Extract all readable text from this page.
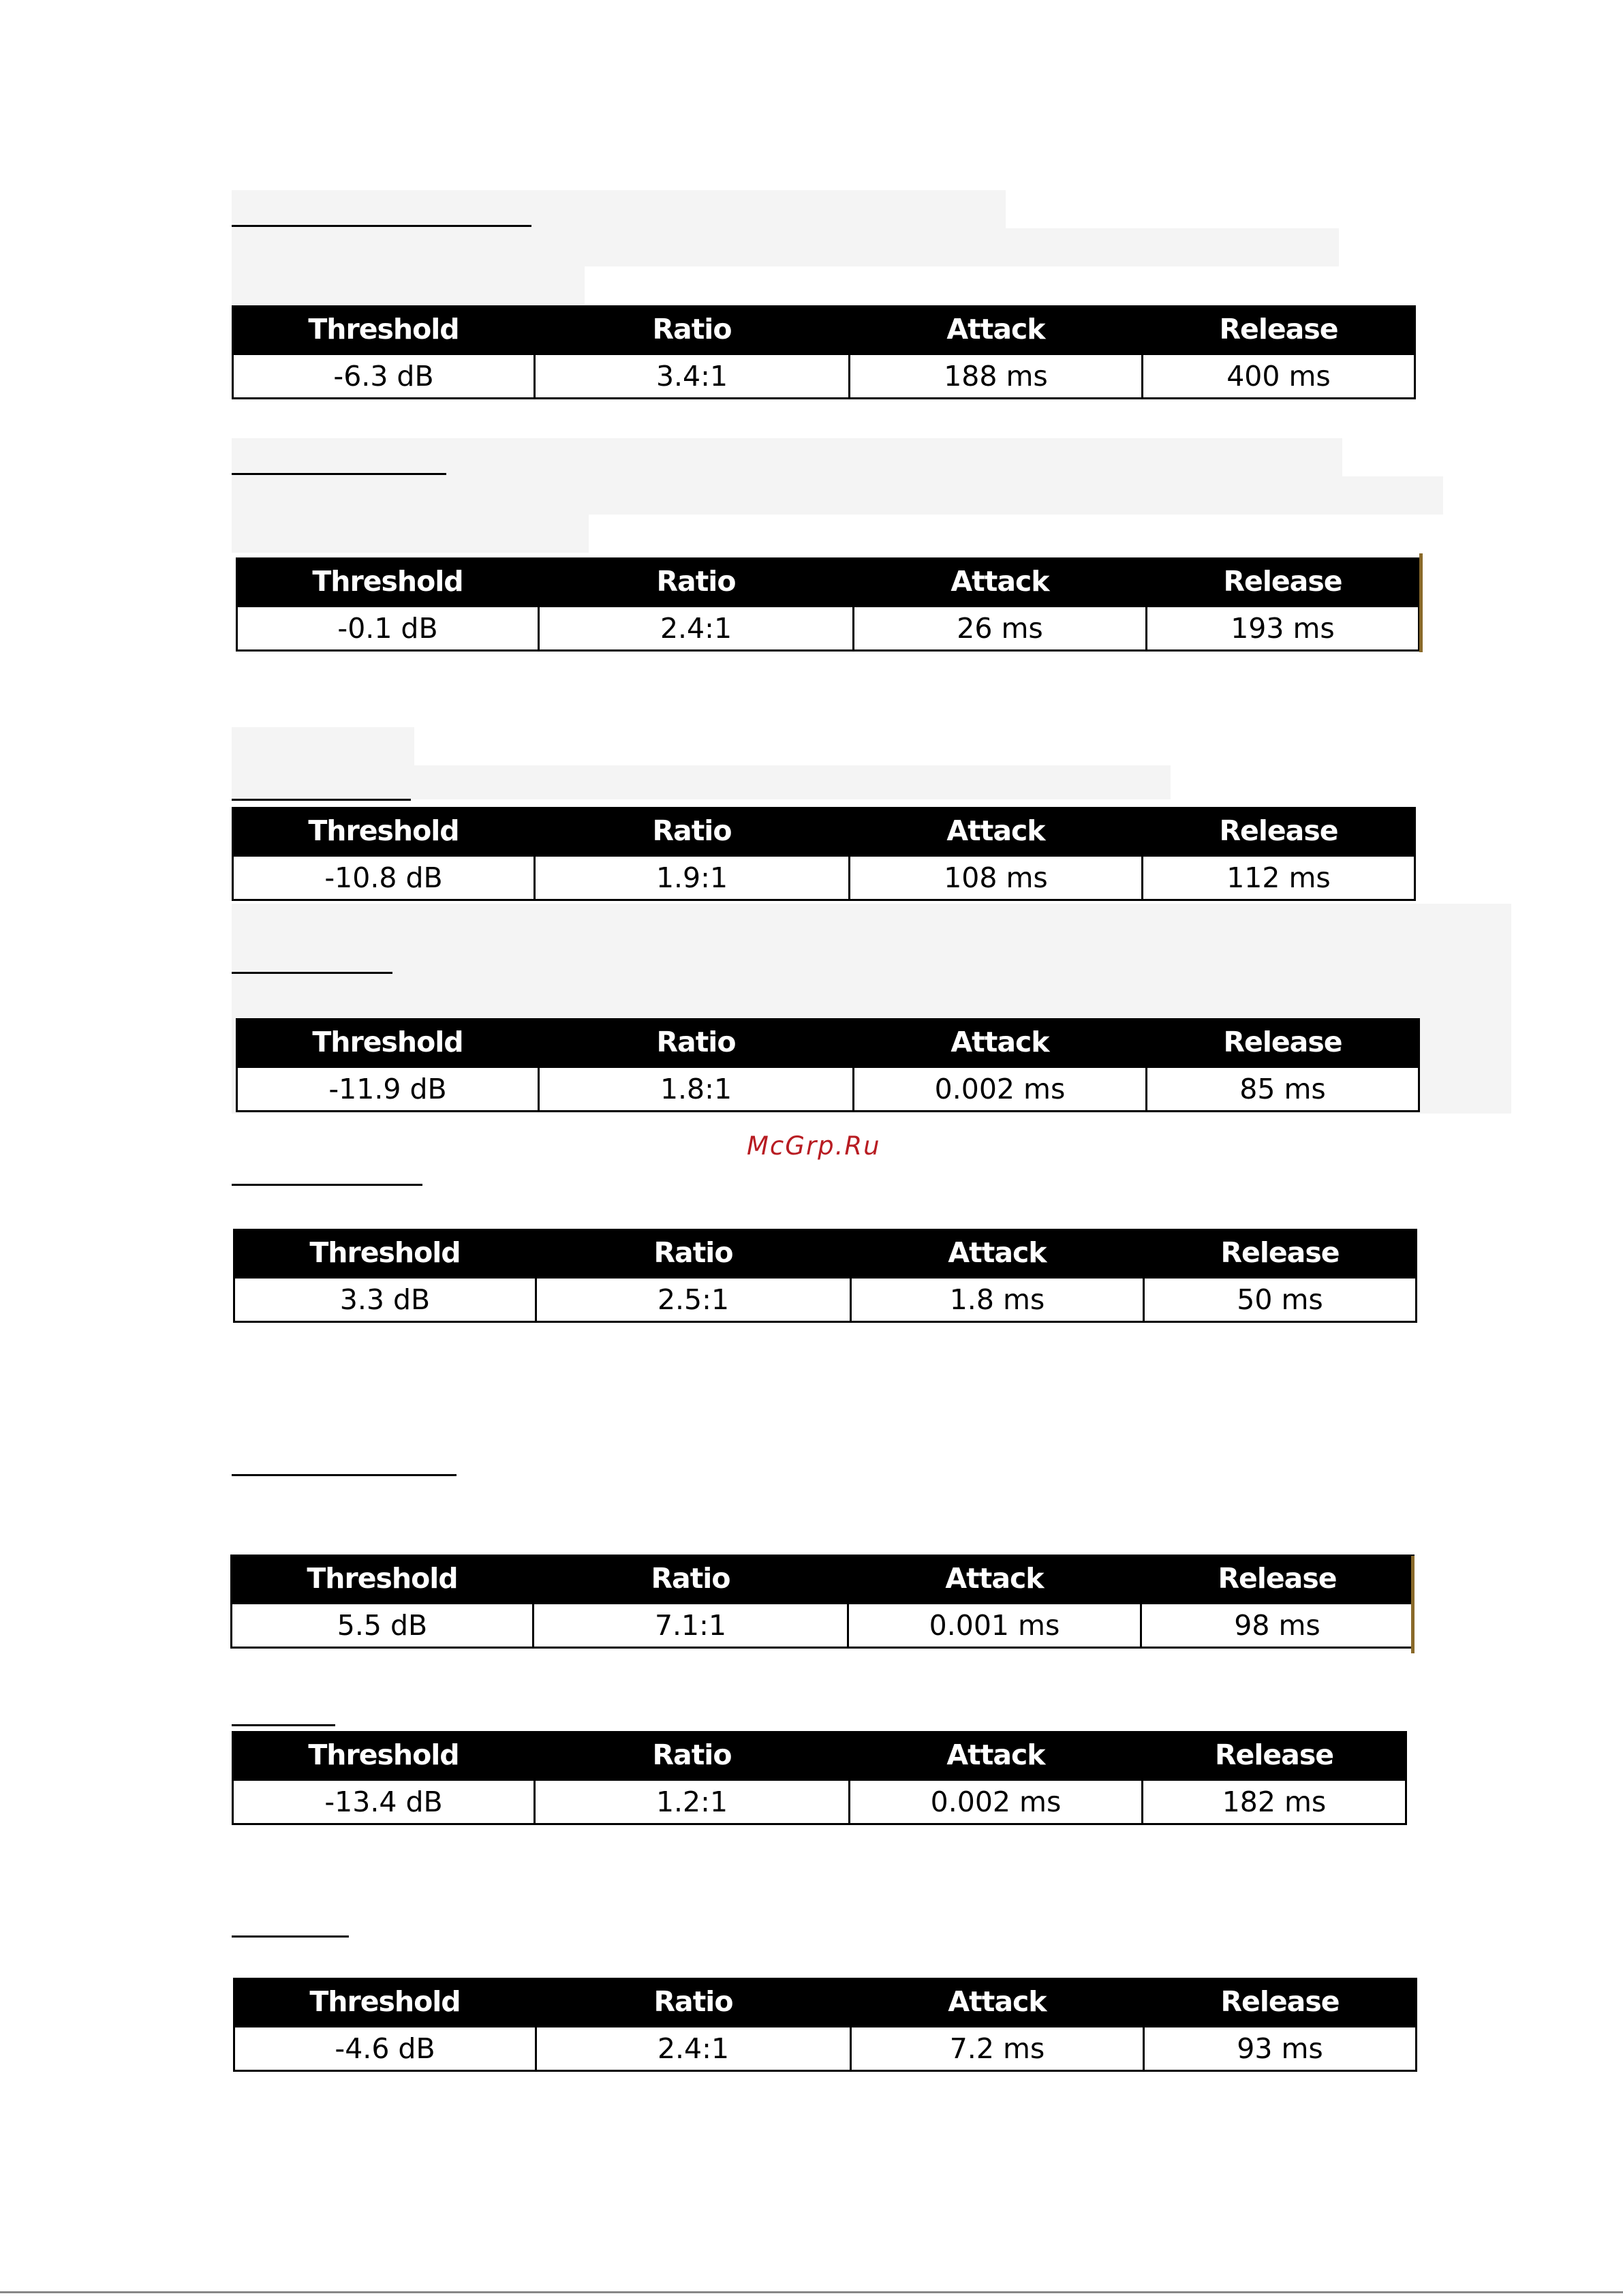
Threshold	Ratio	Attack	Release
-6.3 dB	3.4:1	188 ms	400 ms
Threshold	Ratio	Attack	Release
-0.1 dB	2.4:1	26 ms	193 ms
Threshold	Ratio	Attack	Release
-10.8 dB	1.9:1	108 ms	112 ms
Threshold	Ratio	Attack	Release
-11.9 dB	1.8:1	0.002 ms	85 ms
McGrp.Ru
Threshold	Ratio	Attack	Release
3.3 dB	2.5:1	1.8 ms	50 ms
Threshold	Ratio	Attack	Release
5.5 dB	7.1:1	0.001 ms	98 ms
Threshold	Ratio	Attack	Release
-13.4 dB	1.2:1	0.002 ms	182 ms
Threshold	Ratio	Attack	Release
-4.6 dB	2.4:1	7.2 ms	93 ms
